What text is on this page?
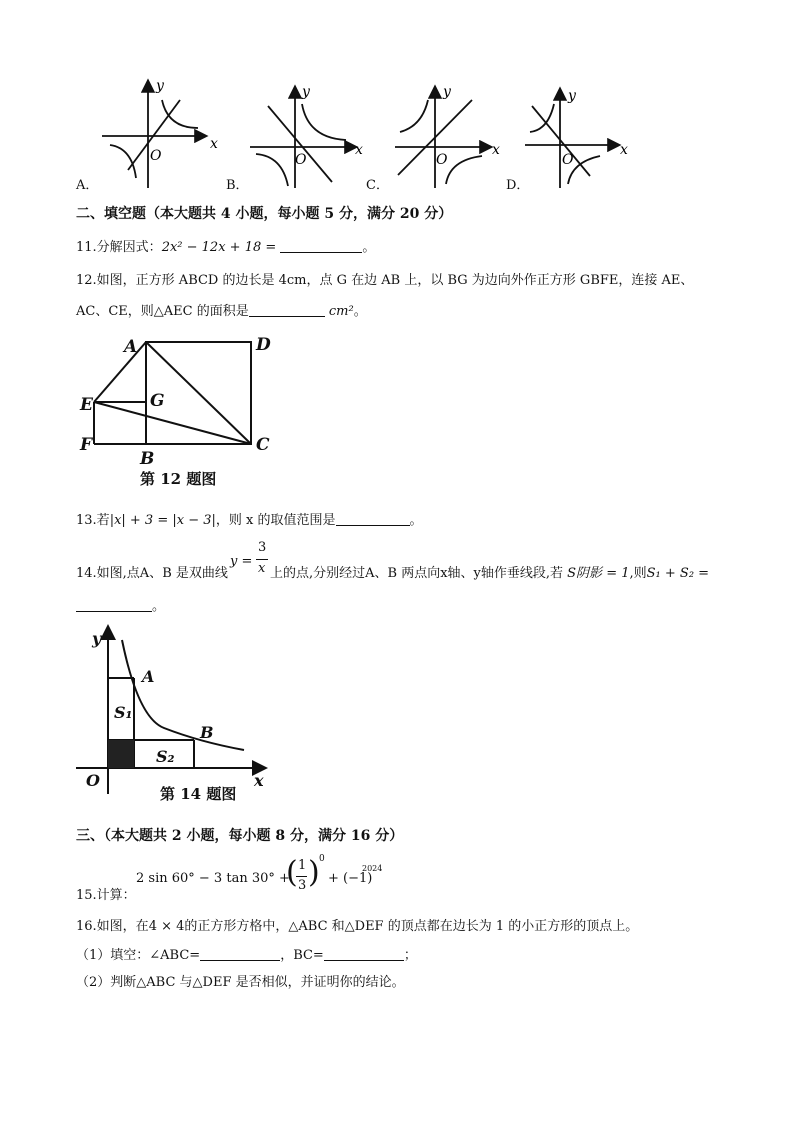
y
x
O
y
x
O
y
x
O
y
x
O
A．	B．	C．	D．
二、填空题（本大题共 4 小题，每小题 5 分，满分 20 分）
11.分解因式：2x² − 12x + 18 =	。
12.如图，正方形 ABCD 的边长是 4cm，点 G 在边 AB 上，以 BG 为边向外作正方形 GBFE，连接 AE、
AC、CE，则△AEC 的面积是	cm²。
A	D
E	G
F
B
C
第 12 题图
13.若|x| + 3 = |x − 3|，则 x 的取值范围是	。
14.如图,点A、B 是双曲线
y =
3
x 上的点,分别经过A、B 两点向x轴、y轴作垂线段,若 S阴影 = 1,则S₁ + S₂ =
。
y
x
O
A
B
S₁
S₂
第 14 题图
三、（本大题共 2 小题，每小题 8 分，满分 16 分）
15.计算：
2 sin 60° − 3 tan 30° +
( 1
3 ) 0
+ (−1)
2024
16.如图，在4 × 4的正方形方格中，△ABC 和△DEF 的顶点都在边长为 1 的小正方形的顶点上。
（1）填空：∠ABC=	，BC=	；
（2）判断△ABC 与△DEF 是否相似，并证明你的结论。
